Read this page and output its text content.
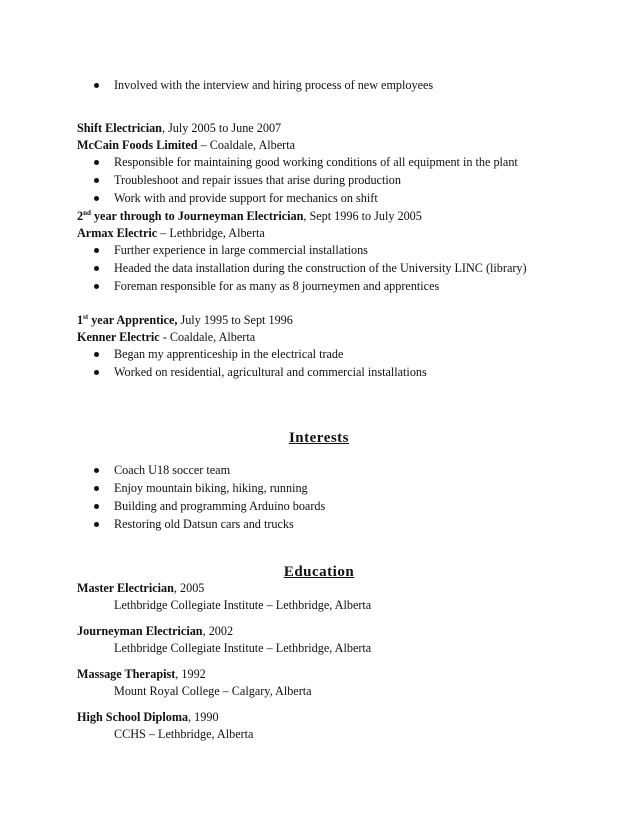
Involved with the interview and hiring process of new employees
Shift Electrician, July 2005 to June 2007
McCain Foods Limited – Coaldale, Alberta
Responsible for maintaining good working conditions of all equipment in the plant
Troubleshoot and repair issues that arise during production
Work with and provide support for mechanics on shift
2nd year through to Journeyman Electrician, Sept 1996 to July 2005
Armax Electric – Lethbridge, Alberta
Further experience in large commercial installations
Headed the data installation during the construction of the University LINC (library)
Foreman responsible for as many as 8 journeymen and apprentices
1st year Apprentice, July 1995 to Sept 1996
Kenner Electric - Coaldale, Alberta
Began my apprenticeship in the electrical trade
Worked on residential, agricultural and commercial installations
Interests
Coach U18 soccer team
Enjoy mountain biking, hiking, running
Building and programming Arduino boards
Restoring old Datsun cars and trucks
Education
Master Electrician, 2005
Lethbridge Collegiate Institute – Lethbridge, Alberta
Journeyman Electrician, 2002
Lethbridge Collegiate Institute – Lethbridge, Alberta
Massage Therapist, 1992
Mount Royal College – Calgary, Alberta
High School Diploma, 1990
CCHS – Lethbridge, Alberta
